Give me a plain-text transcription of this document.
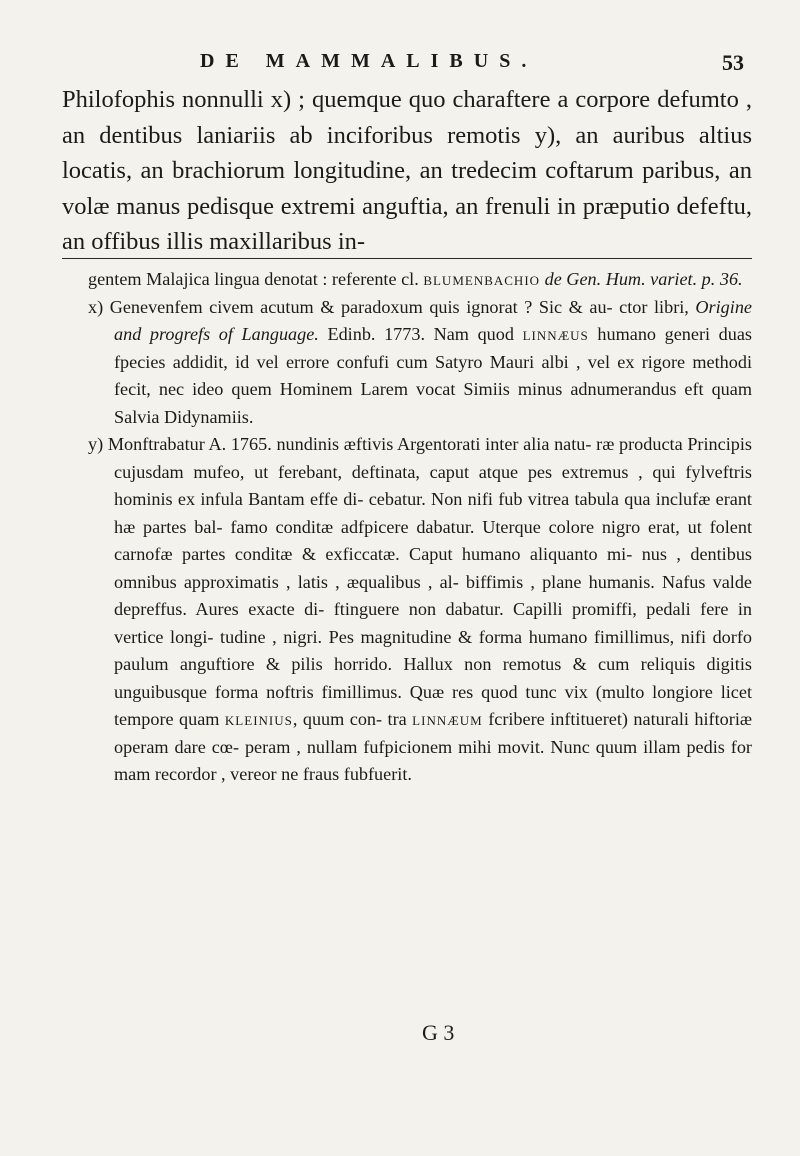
DE MAMMALIBUS.	53

Philofophis nonnulli x) ; quemque quo charaftere a corpore defumto , an dentibus laniariis ab inciforibus remotis y), an auribus altius locatis, an brachiorum longitudine, an tredecim coftarum paribus, an volæ manus pedisque extremi anguftia, an frenuli in præputio defeftu, an offibus illis maxillaribus in-

gentem Malajica lingua denotat : referente cl. blumenbachio de Gen. Hum. variet. p. 36.

x) Genevenfem civem acutum & paradoxum quis ignorat ? Sic & au- ctor libri, Origine and progrefs of Language. Edinb. 1773. Nam quod linnæus humano generi duas fpecies addidit, id vel errore confufi cum Satyro Mauri albi , vel ex rigore methodi fecit, nec ideo quem Hominem Larem vocat Simiis minus adnumerandus eft quam Salvia Didynamiis.

y) Monftrabatur A. 1765. nundinis æftivis Argentorati inter alia natu- ræ producta Principis cujusdam mufeo, ut ferebant, deftinata, caput atque pes extremus , qui fylveftris hominis ex infula Bantam effe di- cebatur. Non nifi fub vitrea tabula qua inclufæ erant hæ partes bal- famo conditæ adfpicere dabatur. Uterque colore nigro erat, ut folent carnofæ partes conditæ & exficcatæ. Caput humano aliquanto mi- nus , dentibus omnibus approximatis , latis , æqualibus , al- biffimis , plane humanis. Nafus valde depreffus. Aures exacte di- ftinguere non dabatur. Capilli promiffi, pedali fere in vertice longi- tudine , nigri. Pes magnitudine & forma humano fimillimus, nifi dorfo paulum anguftiore & pilis horrido. Hallux non remotus & cum reliquis digitis unguibusque forma noftris fimillimus. Quæ res quod tunc vix (multo longiore licet tempore quam kleinius, quum con- tra linnæum fcribere inftitueret) naturali hiftoriæ operam dare cœ- peram , nullam fufpicionem mihi movit. Nunc quum illam pedis for mam recordor , vereor ne fraus fubfuerit.

G 3
